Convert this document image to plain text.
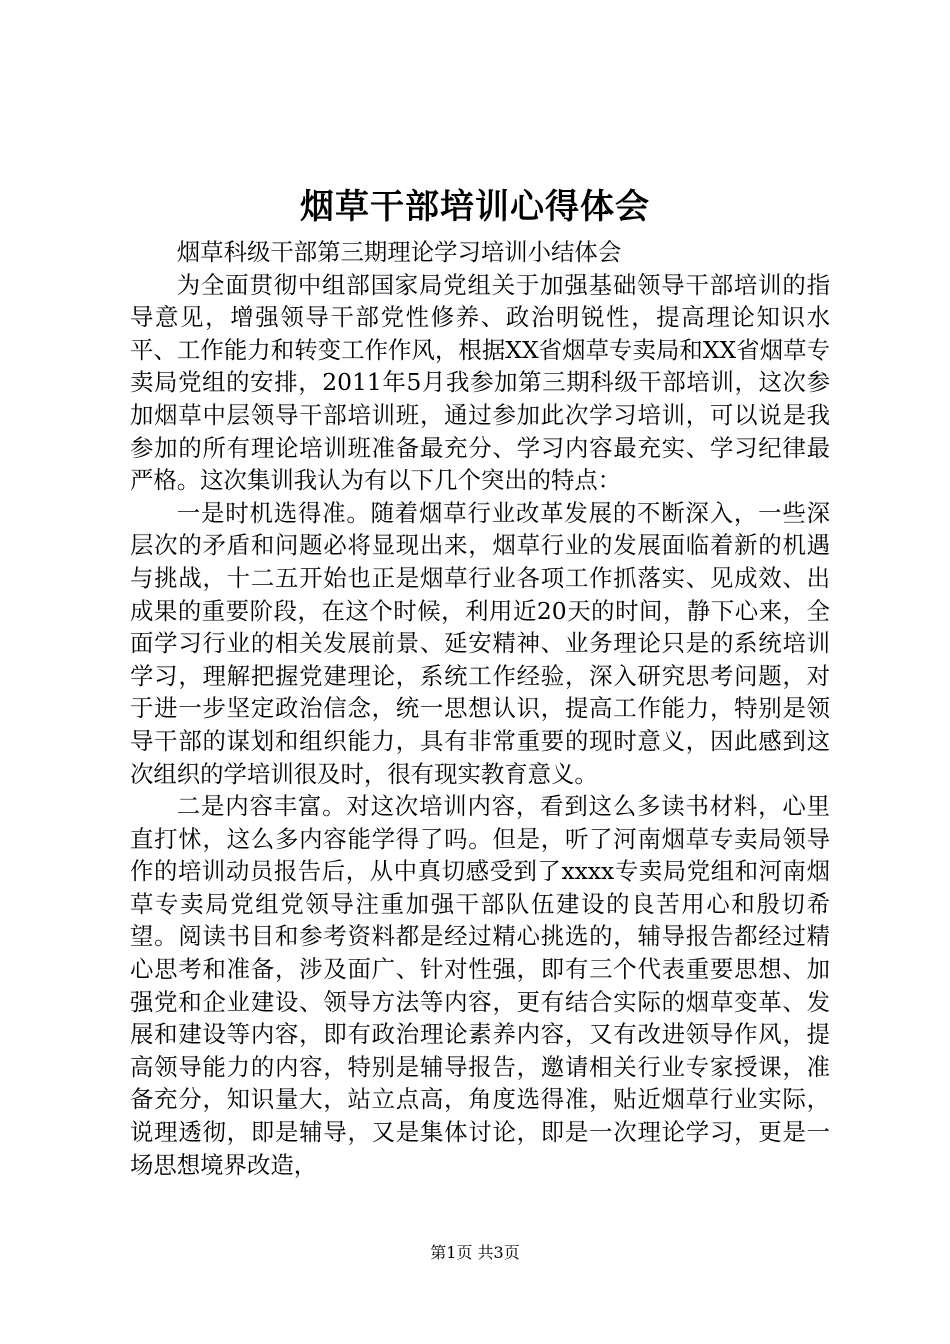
烟草干部培训心得体会

烟草科级干部第三期理论学习培训小结体会

为全面贯彻中组部国家局党组关于加强基础领导干部培训的指导意见，增强领导干部党性修养、政治明锐性，提高理论知识水平、工作能力和转变工作作风，根据XX省烟草专卖局和XX省烟草专卖局党组的安排，2011年5月我参加第三期科级干部培训，这次参加烟草中层领导干部培训班，通过参加此次学习培训，可以说是我参加的所有理论培训班准备最充分、学习内容最充实、学习纪律最严格。这次集训我认为有以下几个突出的特点：

一是时机选得准。随着烟草行业改革发展的不断深入，一些深层次的矛盾和问题必将显现出来，烟草行业的发展面临着新的机遇与挑战，十二五开始也正是烟草行业各项工作抓落实、见成效、出成果的重要阶段，在这个时候，利用近20天的时间，静下心来，全面学习行业的相关发展前景、延安精神、业务理论只是的系统培训学习，理解把握党建理论，系统工作经验，深入研究思考问题，对于进一步坚定政治信念，统一思想认识，提高工作能力，特别是领导干部的谋划和组织能力，具有非常重要的现时意义，因此感到这次组织的学培训很及时，很有现实教育意义。

二是内容丰富。对这次培训内容，看到这么多读书材料，心里直打怵，这么多内容能学得了吗。但是，听了河南烟草专卖局领导作的培训动员报告后，从中真切感受到了xxxx专卖局党组和河南烟草专卖局党组党领导注重加强干部队伍建设的良苦用心和殷切希望。阅读书目和参考资料都是经过精心挑选的，辅导报告都经过精心思考和准备，涉及面广、针对性强，即有三个代表重要思想、加强党和企业建设、领导方法等内容，更有结合实际的烟草变革、发展和建设等内容，即有政治理论素养内容，又有改进领导作风，提高领导能力的内容，特别是辅导报告，邀请相关行业专家授课，准备充分，知识量大，站立点高，角度选得准，贴近烟草行业实际，说理透彻，即是辅导，又是集体讨论，即是一次理论学习，更是一场思想境界改造，

第1页 共3页
